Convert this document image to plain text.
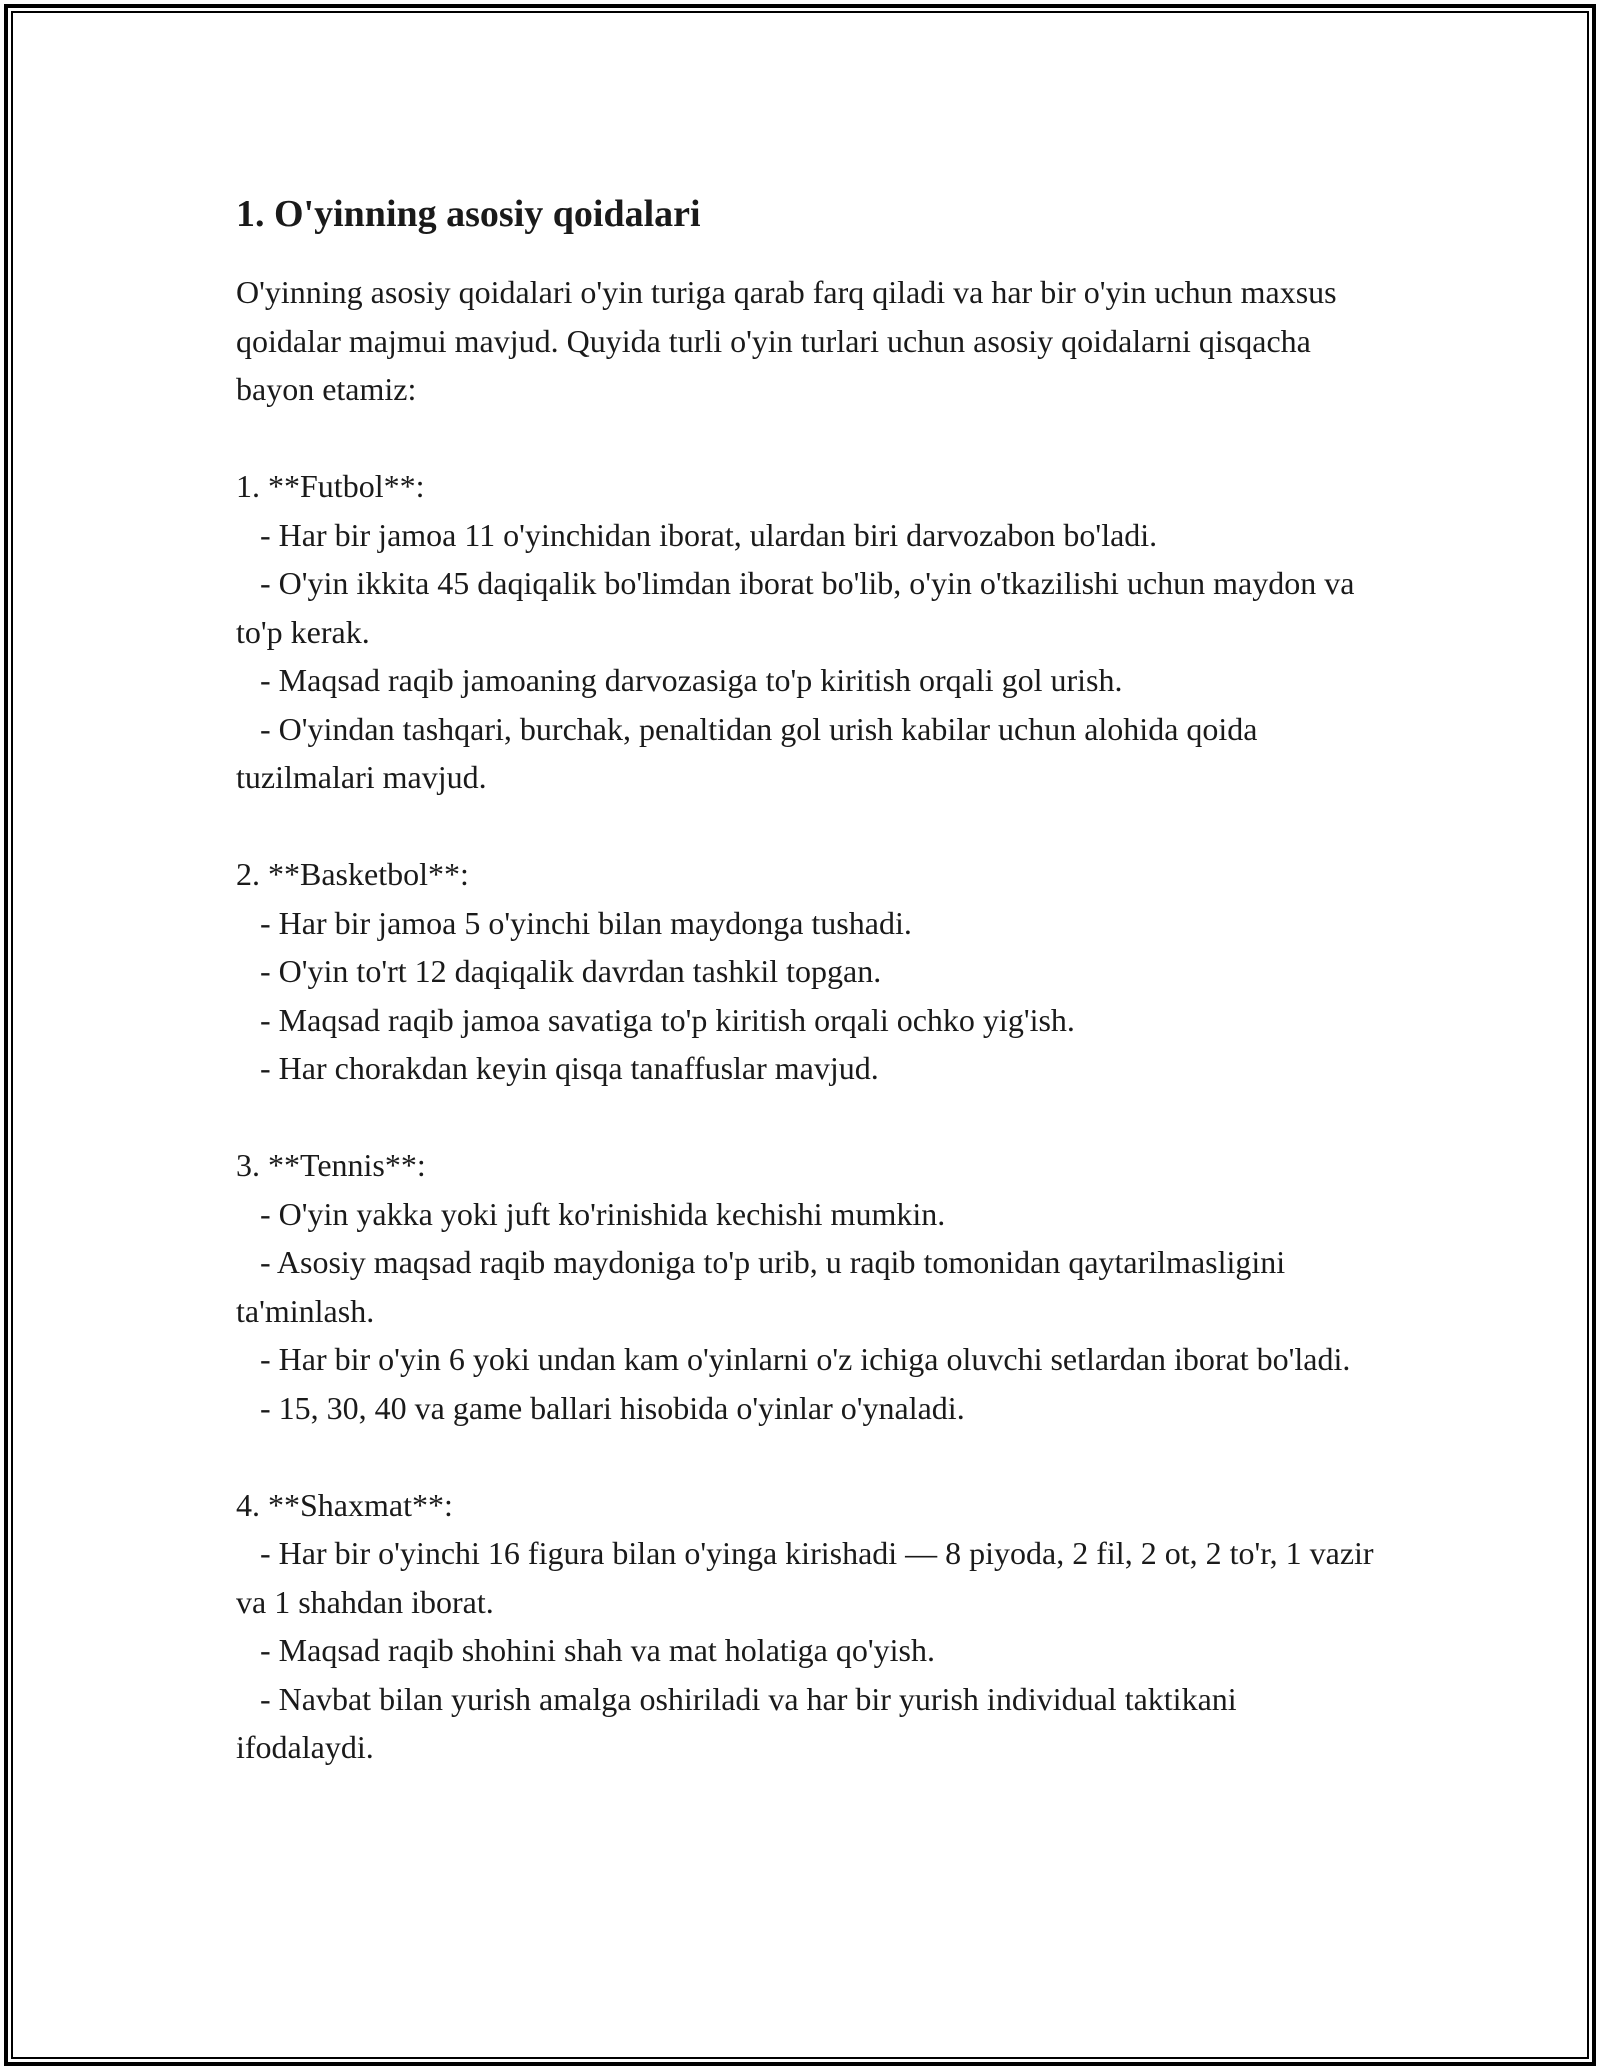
1. O'yinning asosiy qoidalari

O'yinning asosiy qoidalari o'yin turiga qarab farq qiladi va har bir o'yin uchun maxsus qoidalar majmui mavjud. Quyida turli o'yin turlari uchun asosiy qoidalarni qisqacha bayon etamiz:

1. **Futbol**:

- Har bir jamoa 11 o'yinchidan iborat, ulardan biri darvozabon bo'ladi.

- O'yin ikkita 45 daqiqalik bo'limdan iborat bo'lib, o'yin o'tkazilishi uchun maydon va to'p kerak.

- Maqsad raqib jamoaning darvozasiga to'p kiritish orqali gol urish.

- O'yindan tashqari, burchak, penaltidan gol urish kabilar uchun alohida qoida tuzilmalari mavjud.

2. **Basketbol**:

- Har bir jamoa 5 o'yinchi bilan maydonga tushadi.

- O'yin to'rt 12 daqiqalik davrdan tashkil topgan.

- Maqsad raqib jamoa savatiga to'p kiritish orqali ochko yig'ish.

- Har chorakdan keyin qisqa tanaffuslar mavjud.

3. **Tennis**:

- O'yin yakka yoki juft ko'rinishida kechishi mumkin.

- Asosiy maqsad raqib maydoniga to'p urib, u raqib tomonidan qaytarilmasligini ta'minlash.

- Har bir o'yin 6 yoki undan kam o'yinlarni o'z ichiga oluvchi setlardan iborat bo'ladi.

- 15, 30, 40 va game ballari hisobida o'yinlar o'ynaladi.

4. **Shaxmat**:

- Har bir o'yinchi 16 figura bilan o'yinga kirishadi — 8 piyoda, 2 fil, 2 ot, 2 to'r, 1 vazir va 1 shahdan iborat.

- Maqsad raqib shohini shah va mat holatiga qo'yish.

- Navbat bilan yurish amalga oshiriladi va har bir yurish individual taktikani ifodalaydi.
